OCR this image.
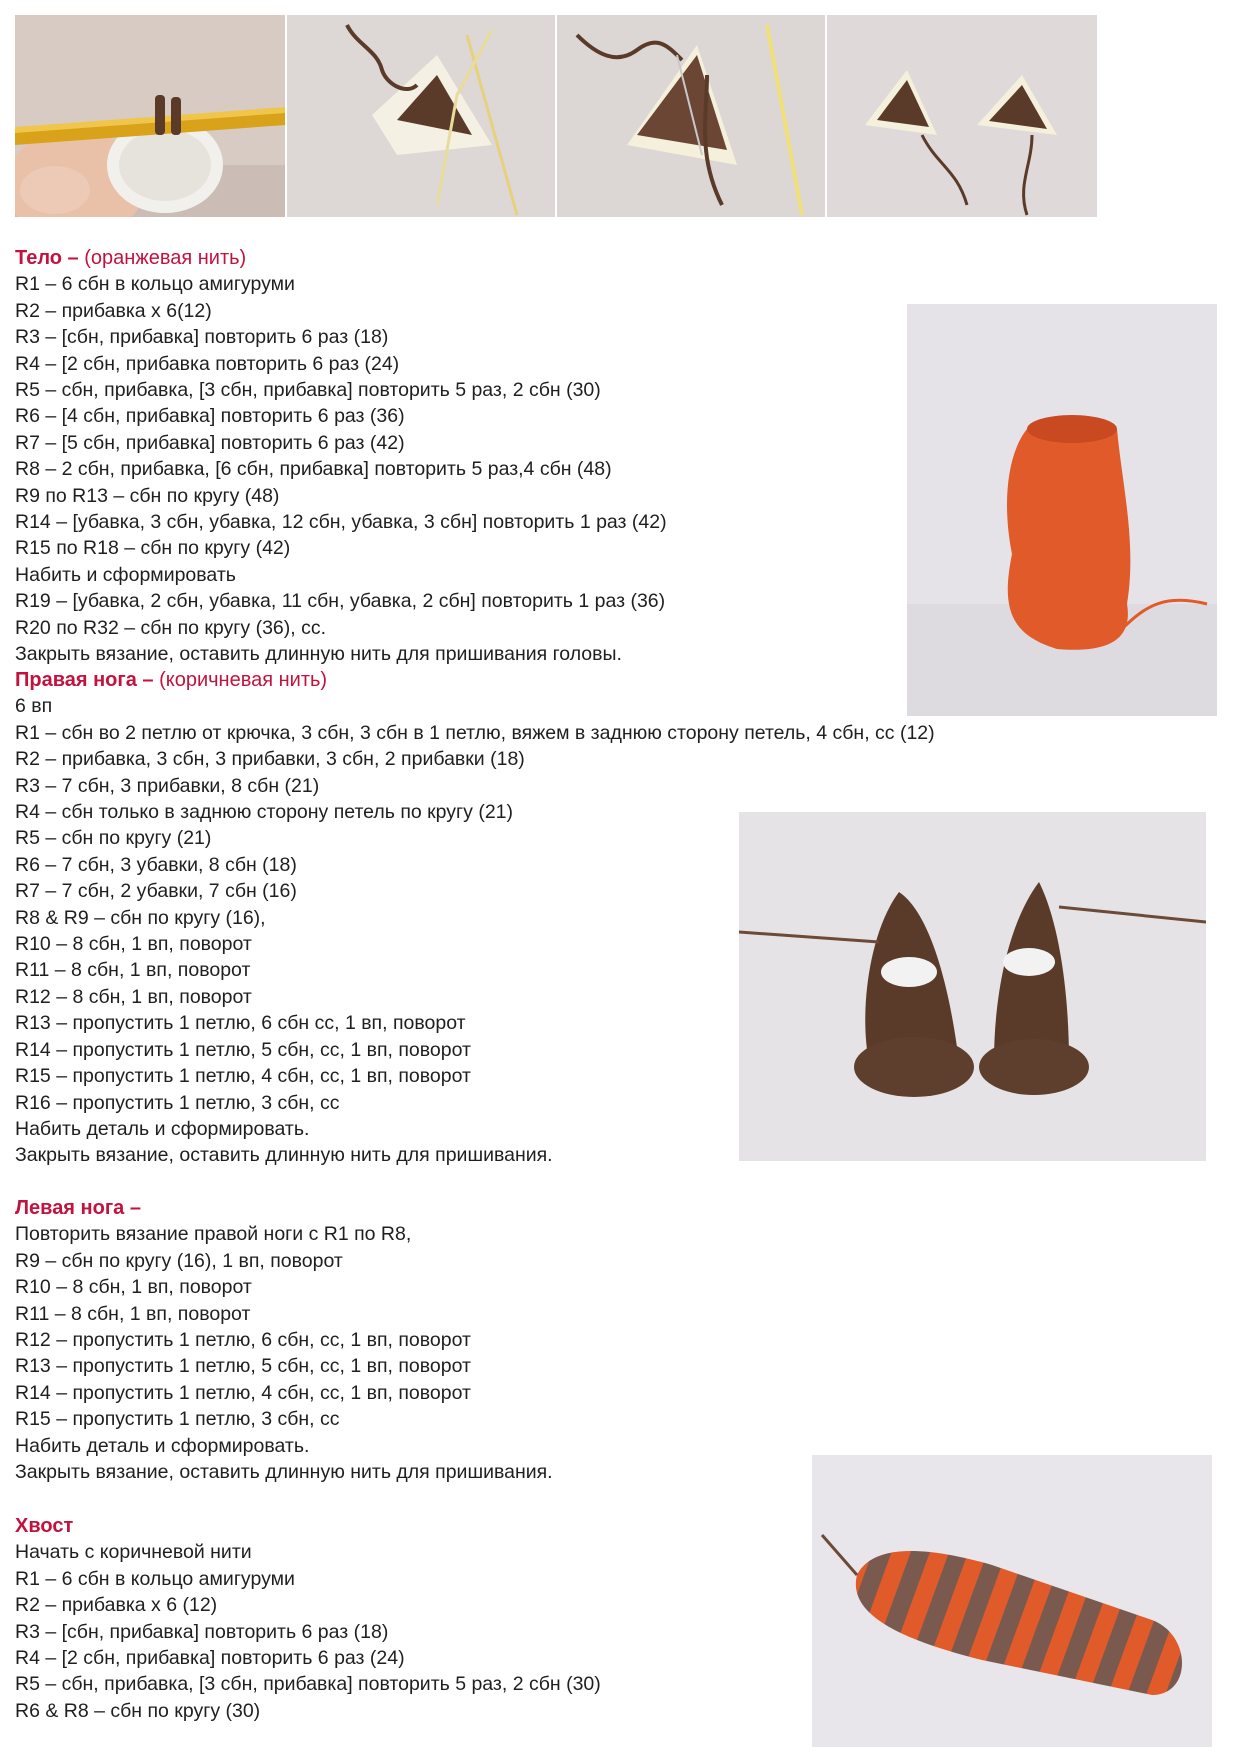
Тело – (оранжевая нить)
R1 – 6 сбн в кольцо амигуруми
R2 – прибавка х 6(12)
R3 – [сбн, прибавка] повторить 6 раз (18)
R4 – [2 сбн, прибавка повторить 6 раз (24)
R5 – сбн, прибавка, [3 сбн, прибавка] повторить 5 раз, 2 сбн (30)
R6 – [4 сбн, прибавка] повторить 6 раз (36)
R7 – [5 сбн, прибавка] повторить 6 раз (42)
R8 – 2 сбн, прибавка, [6 сбн, прибавка] повторить 5 раз,4 сбн (48)
R9 по R13 – сбн по кругу (48)
R14 – [убавка, 3 сбн, убавка, 12 сбн, убавка, 3 сбн] повторить 1 раз (42)
R15 по R18 – сбн по кругу (42)
Набить и сформировать
R19 – [убавка, 2 сбн, убавка, 11 сбн, убавка, 2 сбн] повторить 1 раз (36)
R20 по R32 – сбн по кругу (36), сс.
Закрыть вязание, оставить длинную нить для пришивания головы.
Правая нога – (коричневая нить)
6 вп
R1 – сбн во 2 петлю от крючка, 3 сбн, 3 сбн в 1 петлю, вяжем в заднюю сторону петель, 4 сбн, сс (12)
R2 – прибавка, 3 сбн, 3 прибавки, 3 сбн, 2 прибавки (18)
R3 – 7 сбн, 3 прибавки, 8 сбн (21)
R4 – сбн только в заднюю сторону петель по кругу (21)
R5 – сбн по кругу (21)
R6 – 7 сбн, 3 убавки, 8 сбн (18)
R7 – 7 сбн, 2 убавки, 7 сбн (16)
R8 & R9 – сбн по кругу (16),
R10 – 8 сбн, 1 вп, поворот
R11 – 8 сбн, 1 вп, поворот
R12 – 8 сбн, 1 вп, поворот
R13 – пропустить 1 петлю, 6 сбн сс, 1 вп, поворот
R14 – пропустить 1 петлю, 5 сбн, сс, 1 вп, поворот
R15 – пропустить 1 петлю, 4 сбн, сс, 1 вп, поворот
R16 – пропустить 1 петлю, 3 сбн, сс
Набить деталь и сформировать.
Закрыть вязание, оставить длинную нить для пришивания.
Левая нога –
Повторить вязание правой ноги с R1 по R8,
R9 – сбн по кругу (16), 1 вп, поворот
R10 – 8 сбн, 1 вп, поворот
R11 – 8 сбн, 1 вп, поворот
R12 – пропустить 1 петлю, 6 сбн, сс, 1 вп, поворот
R13 – пропустить 1 петлю, 5 сбн, сс, 1 вп, поворот
R14 – пропустить 1 петлю, 4 сбн, сс, 1 вп, поворот
R15 – пропустить 1 петлю, 3 сбн, сс
Набить деталь и сформировать.
Закрыть вязание, оставить длинную нить для пришивания.
Хвост
Начать с коричневой нити
R1 – 6 сбн в кольцо амигуруми
R2 – прибавка х 6 (12)
R3 – [сбн, прибавка] повторить 6 раз (18)
R4 – [2 сбн, прибавка] повторить 6 раз (24)
R5 – сбн, прибавка, [3 сбн, прибавка] повторить 5 раз, 2 сбн (30)
R6 & R8 – сбн по кругу (30)
